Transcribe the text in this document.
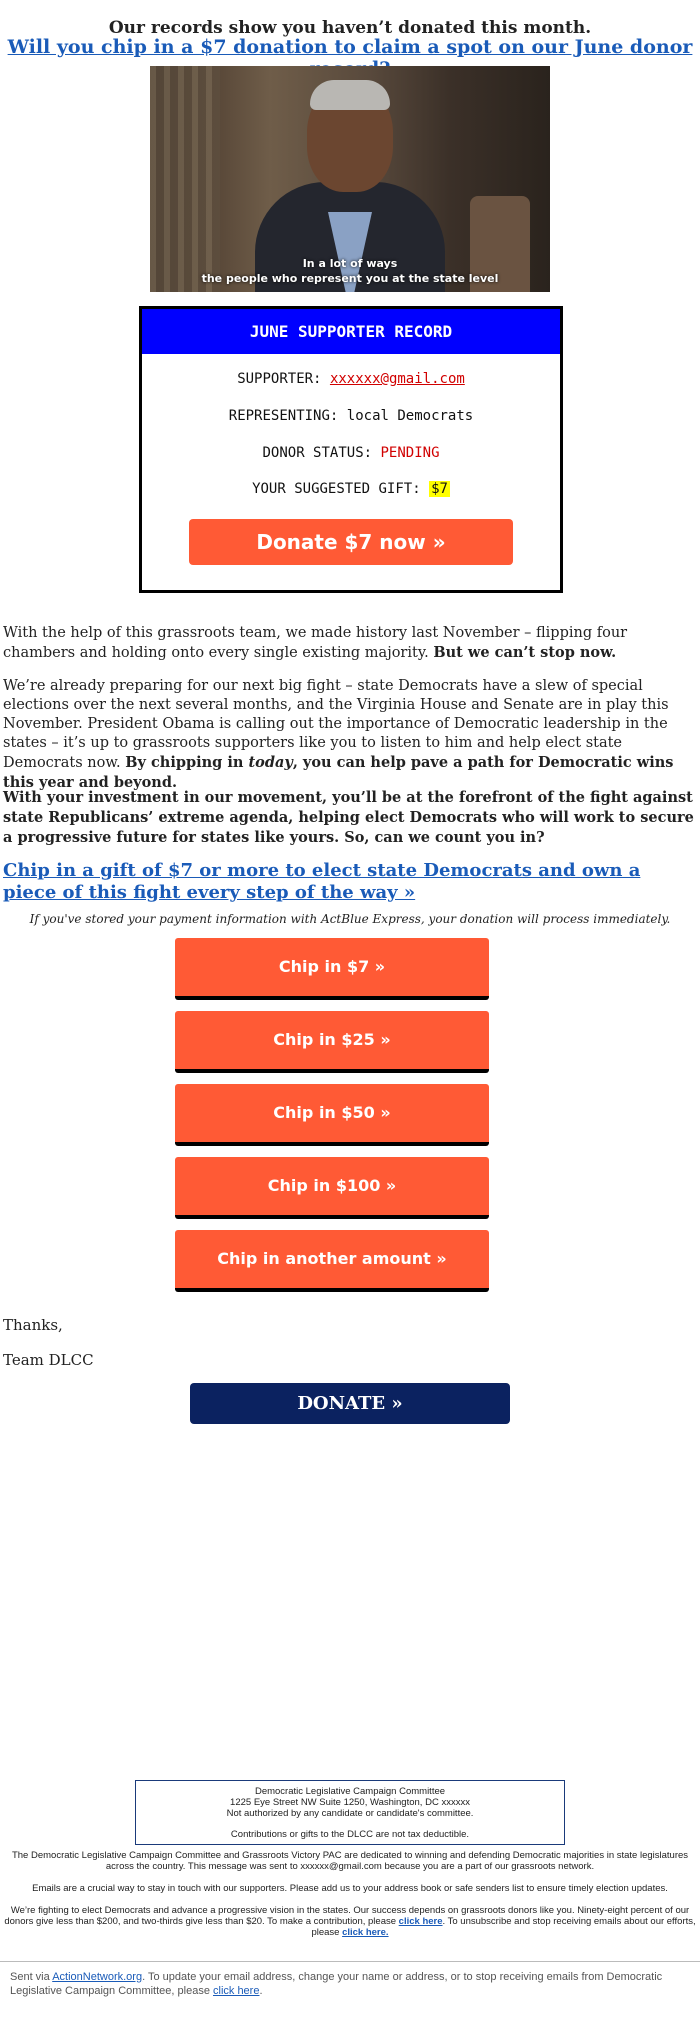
Our records show you haven’t donated this month.
Will you chip in a $7 donation to claim a spot on our June donor
In a lot of ways
the people who represent you at the state level
JUNE SUPPORTER RECORD
SUPPORTER: xxxxxx@gmail.com
REPRESENTING: local Democrats
DONOR STATUS: PENDING
YOUR SUGGESTED GIFT: $7
Donate $7 now »
With the help of this grassroots team, we made history last November – flipping four chambers and holding onto every single existing majority. But we can’t stop now.
We’re already preparing for our next big fight – state Democrats have a slew of special elections over the next several months, and the Virginia House and Senate are in play this November. President Obama is calling out the importance of Democratic leadership in the states – it’s up to grassroots supporters like you to listen to him and help elect state Democrats now. By chipping in today, you can help pave a path for Democratic wins this year and beyond.
With your investment in our movement, you’ll be at the forefront of the fight against state Republicans’ extreme agenda, helping elect Democrats who will work to secure a progressive future for states like yours. So, can we count you in?
Chip in a gift of $7 or more to elect state Democrats and own a piece of this fight every step of the way »
If you've stored your payment information with ActBlue Express, your donation will process immediately.
Chip in $7 »
Chip in $25 »
Chip in $50 »
Chip in $100 »
Chip in another amount »
Thanks,
Team DLCC
DONATE »
Democratic Legislative Campaign Committee
1225 Eye Street NW Suite 1250, Washington, DC xxxxxx
Not authorized by any candidate or candidate's committee.
Contributions or gifts to the DLCC are not tax deductible.
The Democratic Legislative Campaign Committee and Grassroots Victory PAC are dedicated to winning and defending Democratic majorities in state legislatures across the country. This message was sent to xxxxxx@gmail.com because you are a part of our grassroots network.
Emails are a crucial way to stay in touch with our supporters. Please add us to your address book or safe senders list to ensure timely election updates.
We’re fighting to elect Democrats and advance a progressive vision in the states. Our success depends on grassroots donors like you. Ninety-eight percent of our donors give less than $200, and two-thirds give less than $20. To make a contribution, please click here. To unsubscribe and stop receiving emails about our efforts, please click here.
Sent via ActionNetwork.org. To update your email address, change your name or address, or to stop receiving emails from Democratic Legislative Campaign Committee, please click here.
